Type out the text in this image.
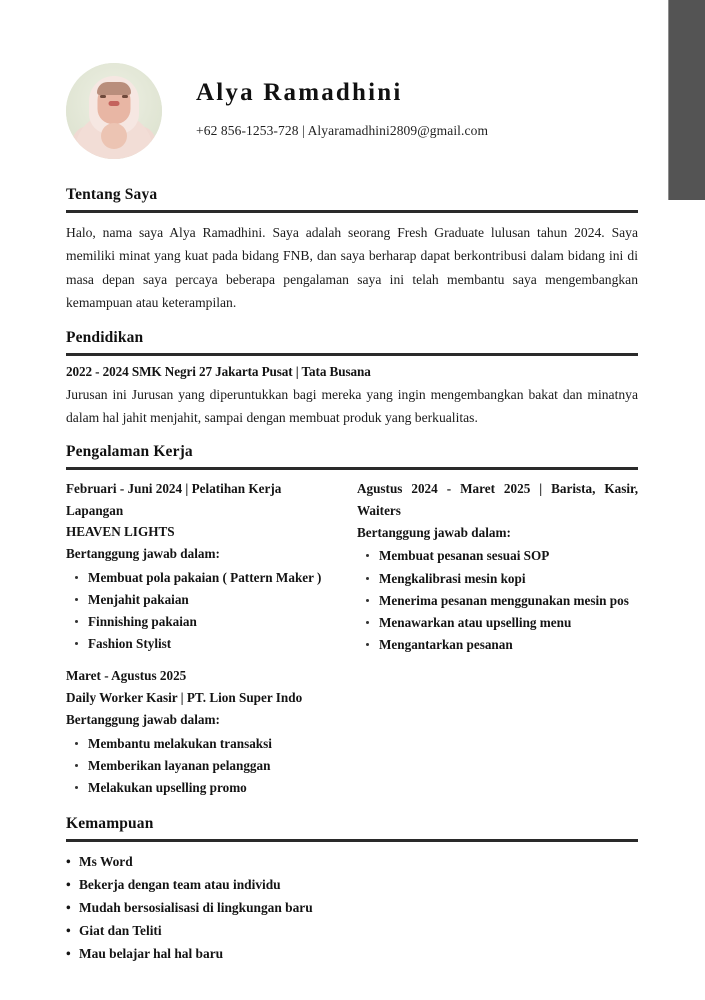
Alya Ramadhini
+62 856-1253-728 | Alyaramadhini2809@gmail.com
Tentang Saya

Halo, nama saya Alya Ramadhini. Saya adalah seorang Fresh Graduate lulusan tahun 2024. Saya memiliki minat yang kuat pada bidang FNB, dan saya berharap dapat berkontribusi dalam bidang ini di masa depan saya percaya beberapa pengalaman saya ini telah membantu saya mengembangkan kemampuan atau keterampilan.

Pendidikan
2022 - 2024 SMK Negri 27 Jakarta Pusat | Tata Busana

Jurusan ini Jurusan yang diperuntukkan bagi mereka yang ingin mengembangkan bakat dan minatnya dalam hal jahit menjahit, sampai dengan membuat produk yang berkualitas.

Pengalaman Kerja
Februari - Juni 2024 | Pelatihan Kerja Lapangan
HEAVEN LIGHTS
Bertanggung jawab dalam:
Membuat pola pakaian ( Pattern Maker )
Menjahit pakaian
Finnishing pakaian
Fashion Stylist
Maret - Agustus 2025
Daily Worker Kasir | PT. Lion Super Indo
Bertanggung jawab dalam:
Membantu melakukan transaksi
Memberikan layanan pelanggan
Melakukan upselling promo
Agustus 2024 - Maret 2025 | Barista, Kasir, Waiters
Bertanggung jawab dalam:
Membuat pesanan sesuai SOP
Mengkalibrasi mesin kopi
Menerima pesanan menggunakan mesin pos
Menawarkan atau upselling menu
Mengantarkan pesanan
Kemampuan
• Ms Word
• Bekerja dengan team atau individu
• Mudah bersosialisasi di lingkungan baru
• Giat dan Teliti
• Mau belajar hal hal baru
